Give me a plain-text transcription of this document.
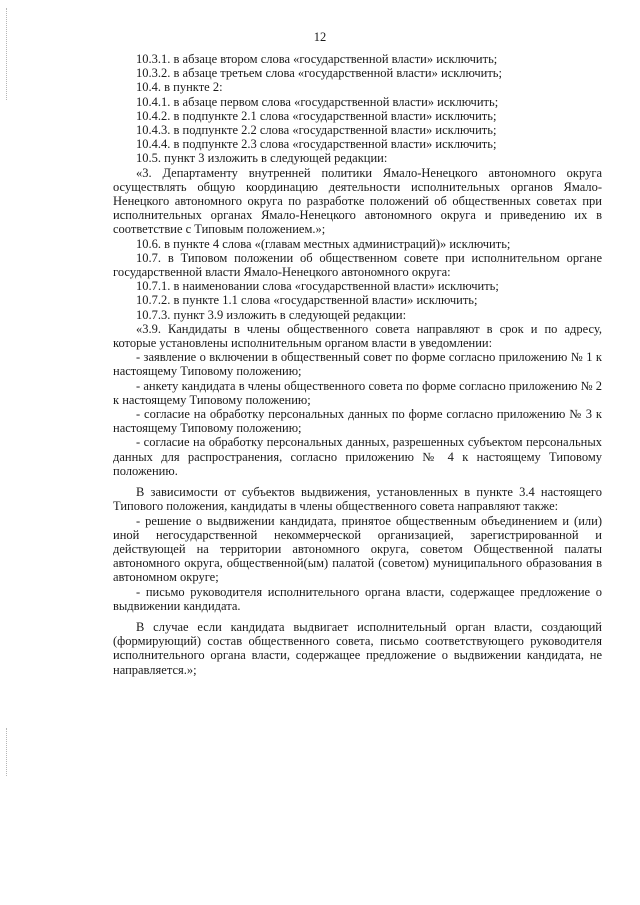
12

10.3.1. в абзаце втором слова «государственной власти» исключить;

10.3.2. в абзаце третьем слова «государственной власти» исключить;

10.4. в пункте 2:

10.4.1. в абзаце первом слова «государственной власти» исключить;

10.4.2. в подпункте 2.1 слова «государственной власти» исключить;

10.4.3. в подпункте 2.2 слова «государственной власти» исключить;

10.4.4. в подпункте 2.3 слова «государственной власти» исключить;

10.5. пункт 3 изложить в следующей редакции:

«3. Департаменту внутренней политики Ямало-Ненецкого автономного округа осуществлять общую координацию деятельности исполнительных органов Ямало-Ненецкого автономного округа по разработке положений об общественных советах при исполнительных органах Ямало-Ненецкого автономного округа и приведению их в соответствие с Типовым положением.»;

10.6. в пункте 4 слова «(главам местных администраций)» исключить;

10.7. в Типовом положении об общественном совете при исполнительном органе государственной власти Ямало-Ненецкого автономного округа:

10.7.1. в наименовании слова «государственной власти» исключить;

10.7.2. в пункте 1.1 слова «государственной власти» исключить;

10.7.3. пункт 3.9 изложить в следующей редакции:

«3.9. Кандидаты в члены общественного совета направляют в срок и по адресу, которые установлены исполнительным органом власти в уведомлении:

- заявление о включении в общественный совет по форме согласно приложению № 1 к настоящему Типовому положению;

- анкету кандидата в члены общественного совета по форме согласно приложению № 2 к настоящему Типовому положению;

- согласие на обработку персональных данных по форме согласно приложению № 3 к настоящему Типовому положению;

- согласие на обработку персональных данных, разрешенных субъектом персональных данных для распространения, согласно приложению № 4 к настоящему Типовому положению.

В зависимости от субъектов выдвижения, установленных в пункте 3.4 настоящего Типового положения, кандидаты в члены общественного совета направляют также:

- решение о выдвижении кандидата, принятое общественным объединением и (или) иной негосударственной некоммерческой организацией, зарегистрированной и действующей на территории автономного округа, советом Общественной палаты автономного округа, общественной(ым) палатой (советом) муниципального образования в автономном округе;

- письмо руководителя исполнительного органа власти, содержащее предложение о выдвижении кандидата.

В случае если кандидата выдвигает исполнительный орган власти, создающий (формирующий) состав общественного совета, письмо соответствующего руководителя исполнительного органа власти, содержащее предложение о выдвижении кандидата, не направляется.»;
